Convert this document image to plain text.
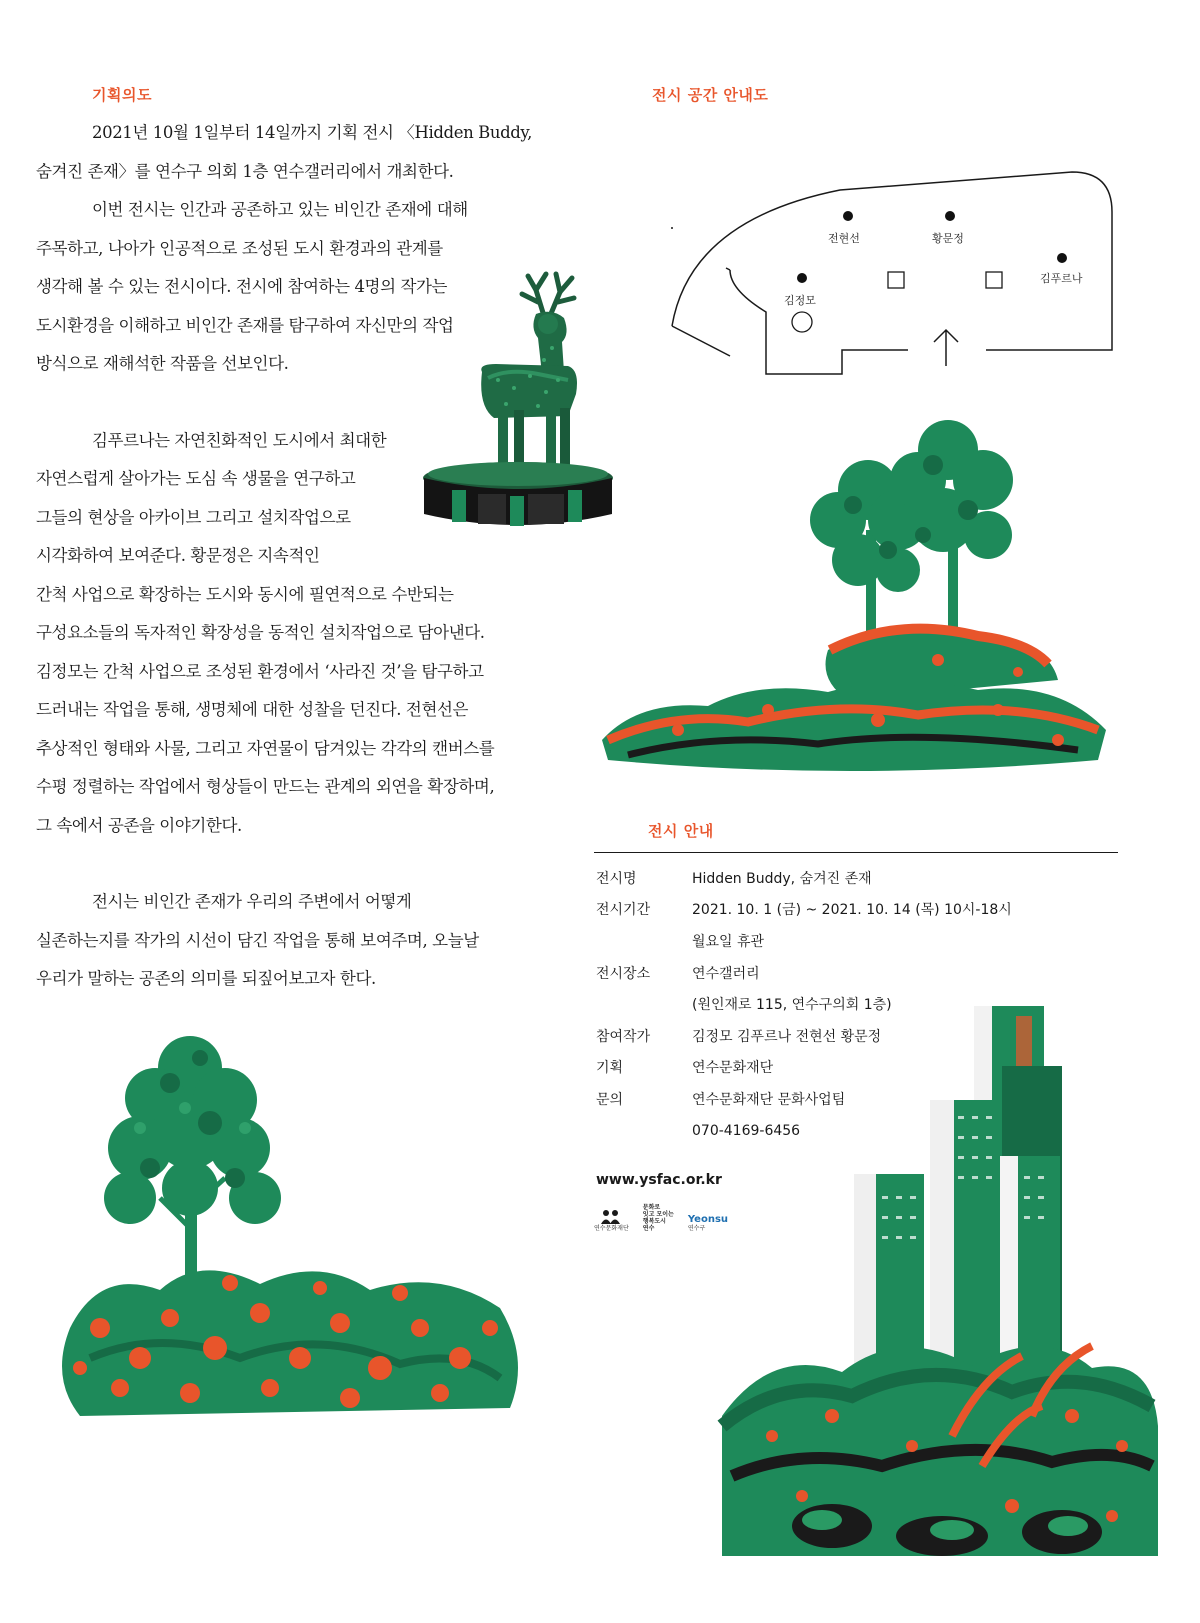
기획의도

2021년 10월 1일부터 14일까지 기획 전시 〈Hidden Buddy,

숨겨진 존재〉를 연수구 의회 1층 연수갤러리에서 개최한다.

이번 전시는 인간과 공존하고 있는 비인간 존재에 대해

주목하고, 나아가 인공적으로 조성된 도시 환경과의 관계를

생각해 볼 수 있는 전시이다. 전시에 참여하는 4명의 작가는

도시환경을 이해하고 비인간 존재를 탐구하여 자신만의 작업

방식으로 재해석한 작품을 선보인다.

김푸르나는 자연친화적인 도시에서 최대한

자연스럽게 살아가는 도심 속 생물을 연구하고

그들의 현상을 아카이브 그리고 설치작업으로

시각화하여 보여준다. 황문정은 지속적인

간척 사업으로 확장하는 도시와 동시에 필연적으로 수반되는

구성요소들의 독자적인 확장성을 동적인 설치작업으로 담아낸다.

김정모는 간척 사업으로 조성된 환경에서 ‘사라진 것’을 탐구하고

드러내는 작업을 통해, 생명체에 대한 성찰을 던진다. 전현선은

추상적인 형태와 사물, 그리고 자연물이 담겨있는 각각의 캔버스를

수평 정렬하는 작업에서 형상들이 만드는 관계의 외연을 확장하며,

그 속에서 공존을 이야기한다.

전시는 비인간 존재가 우리의 주변에서 어떻게

실존하는지를 작가의 시선이 담긴 작업을 통해 보여주며, 오늘날

우리가 말하는 공존의 의미를 되짚어보고자 한다.

전시 공간 안내도
전현선	황문정
김정모
김푸르나
전시 안내
전시명	Hidden Buddy, 숨겨진 존재
전시기간	2021. 10. 1 (금) ~ 2021. 10. 14 (목) 10시-18시
월요일 휴관
전시장소	연수갤러리
(원인재로 115, 연수구의회 1층)
참여작가	김정모 김푸르나 전현선 황문정
기획	연수문화재단
문의	연수문화재단 문화사업팀
070-4169-6456
www.ysfac.or.kr
연수문화재단
문화로
잇고 모이는
행복도시
연수
Yeonsu
연수구
